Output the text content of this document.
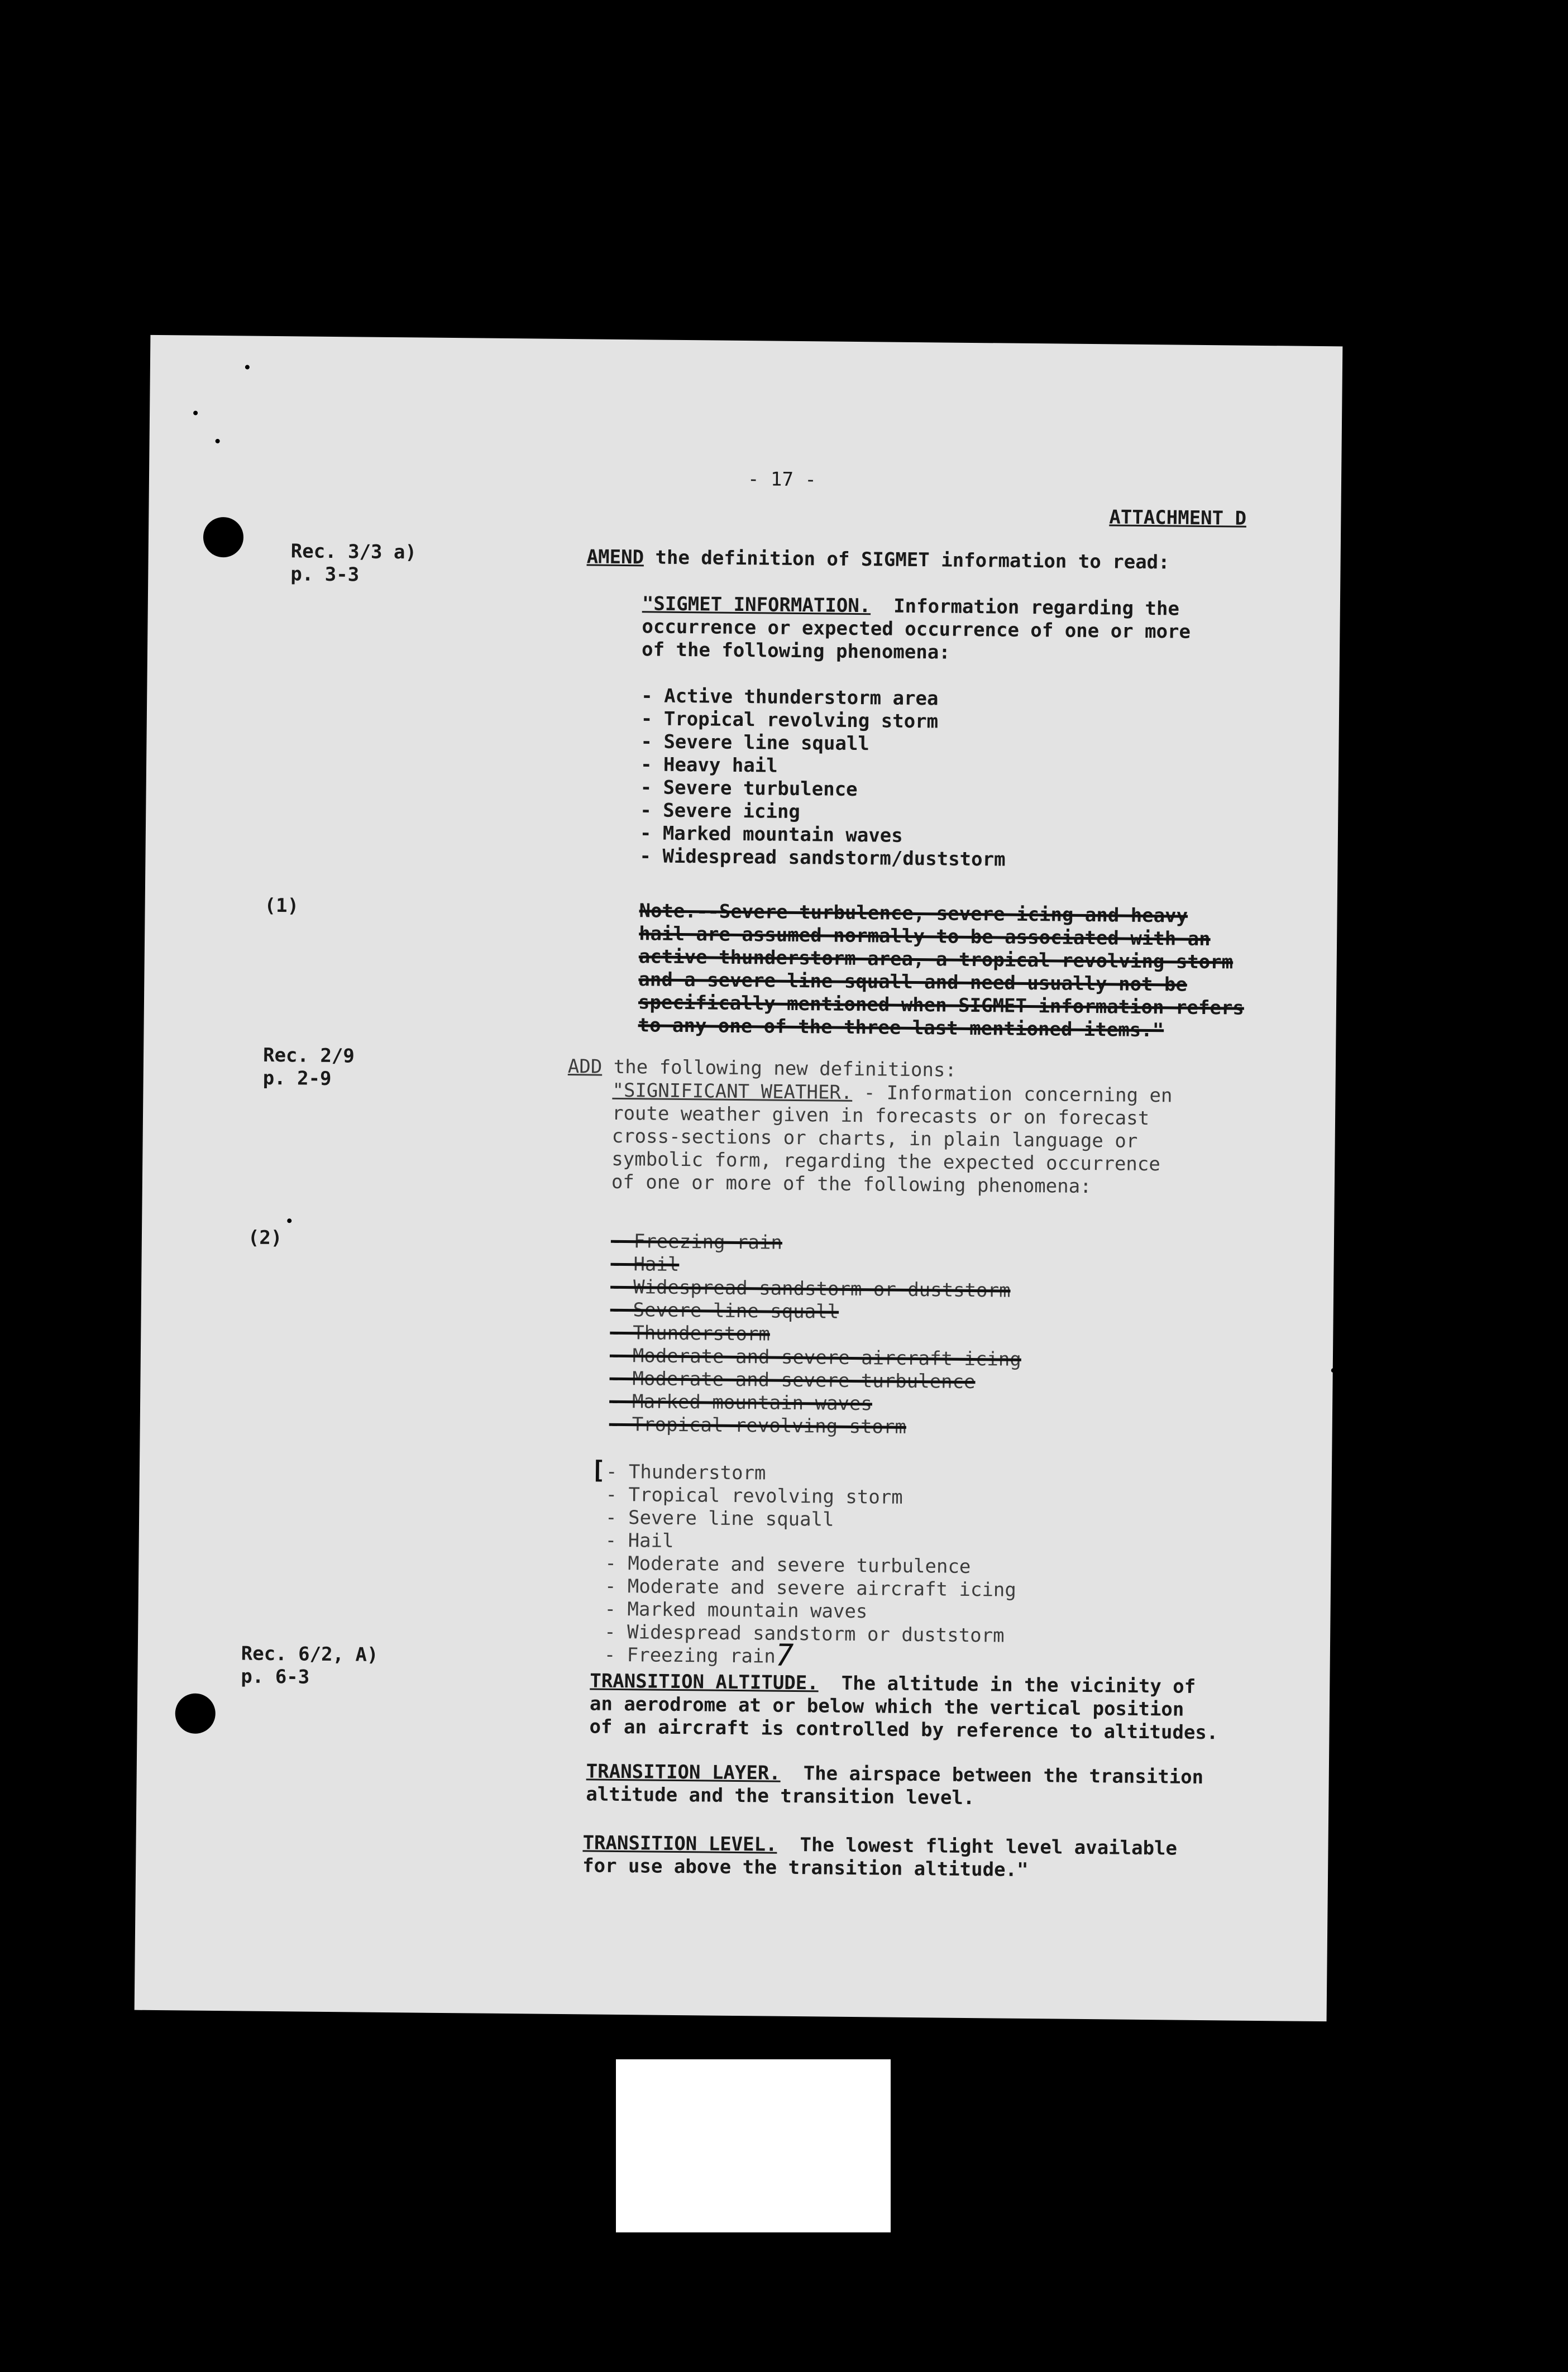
- 17 -

ATTACHMENT D

Rec. 3/3 a)

p. 3-3

(1)

Rec. 2/9

p. 2-9

(2)

Rec. 6/2, A)

p. 6-3

AMEND the definition of SIGMET information to read:

"SIGMET INFORMATION.  Information regarding the

occurrence or expected occurrence of one or more

of the following phenomena:

- Active thunderstorm area

- Tropical revolving storm

- Severe line squall

- Heavy hail

- Severe turbulence

- Severe icing

- Marked mountain waves

- Widespread sandstorm/duststorm

Note.--Severe turbulence, severe icing and heavy

hail are assumed normally to be associated with an

active thunderstorm area, a tropical revolving storm

and a severe line squall and need usually not be

specifically mentioned when SIGMET information refers

to any one of the three last mentioned items."

ADD the following new definitions:

"SIGNIFICANT WEATHER. - Information concerning en

route weather given in forecasts or on forecast

cross-sections or charts, in plain language or

symbolic form, regarding the expected occurrence

of one or more of the following phenomena:

- Freezing rain

- Hail

- Widespread sandstorm or duststorm

- Severe line squall

- Thunderstorm

- Moderate and severe aircraft icing

- Moderate and severe turbulence

- Marked mountain waves

- Tropical revolving storm

[ - Thunderstorm

- Tropical revolving storm

- Severe line squall

- Hail

- Moderate and severe turbulence

- Moderate and severe aircraft icing

- Marked mountain waves

- Widespread sandstorm or duststorm

- Freezing rain 7

TRANSITION ALTITUDE.  The altitude in the vicinity of

an aerodrome at or below which the vertical position

of an aircraft is controlled by reference to altitudes.

TRANSITION LAYER.  The airspace between the transition

altitude and the transition level.

TRANSITION LEVEL.  The lowest flight level available

for use above the transition altitude."
